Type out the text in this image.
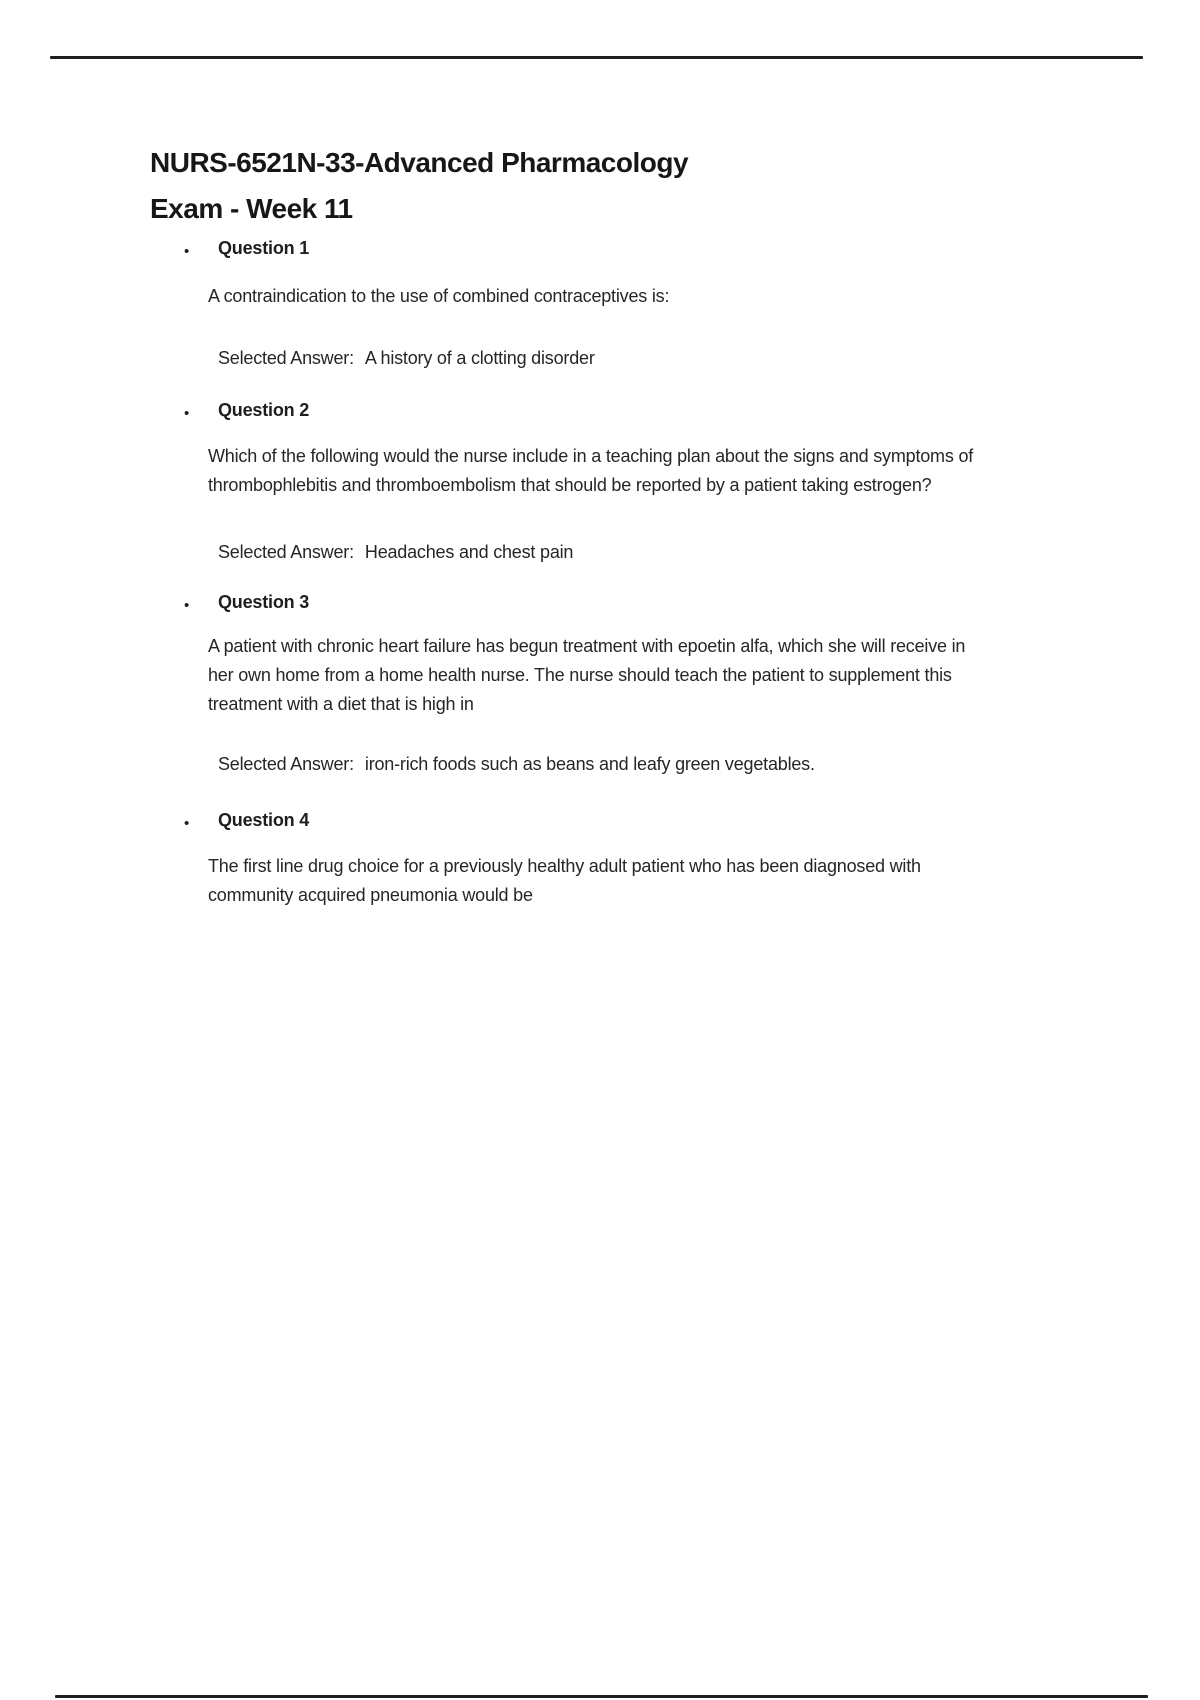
NURS-6521N-33-Advanced Pharmacology
Exam - Week 11
• Question 1
A contraindication to the use of combined contraceptives is:
Selected Answer: A history of a clotting disorder
• Question 2
Which of the following would the nurse include in a teaching plan about the signs and symptoms of
thrombophlebitis and thromboembolism that should be reported by a patient taking estrogen?
Selected Answer: Headaches and chest pain
• Question 3
A patient with chronic heart failure has begun treatment with epoetin alfa, which she will receive in
her own home from a home health nurse. The nurse should teach the patient to supplement this
treatment with a diet that is high in
Selected Answer: iron-rich foods such as beans and leafy green vegetables.
• Question 4
The first line drug choice for a previously healthy adult patient who has been diagnosed with
community acquired pneumonia would be
